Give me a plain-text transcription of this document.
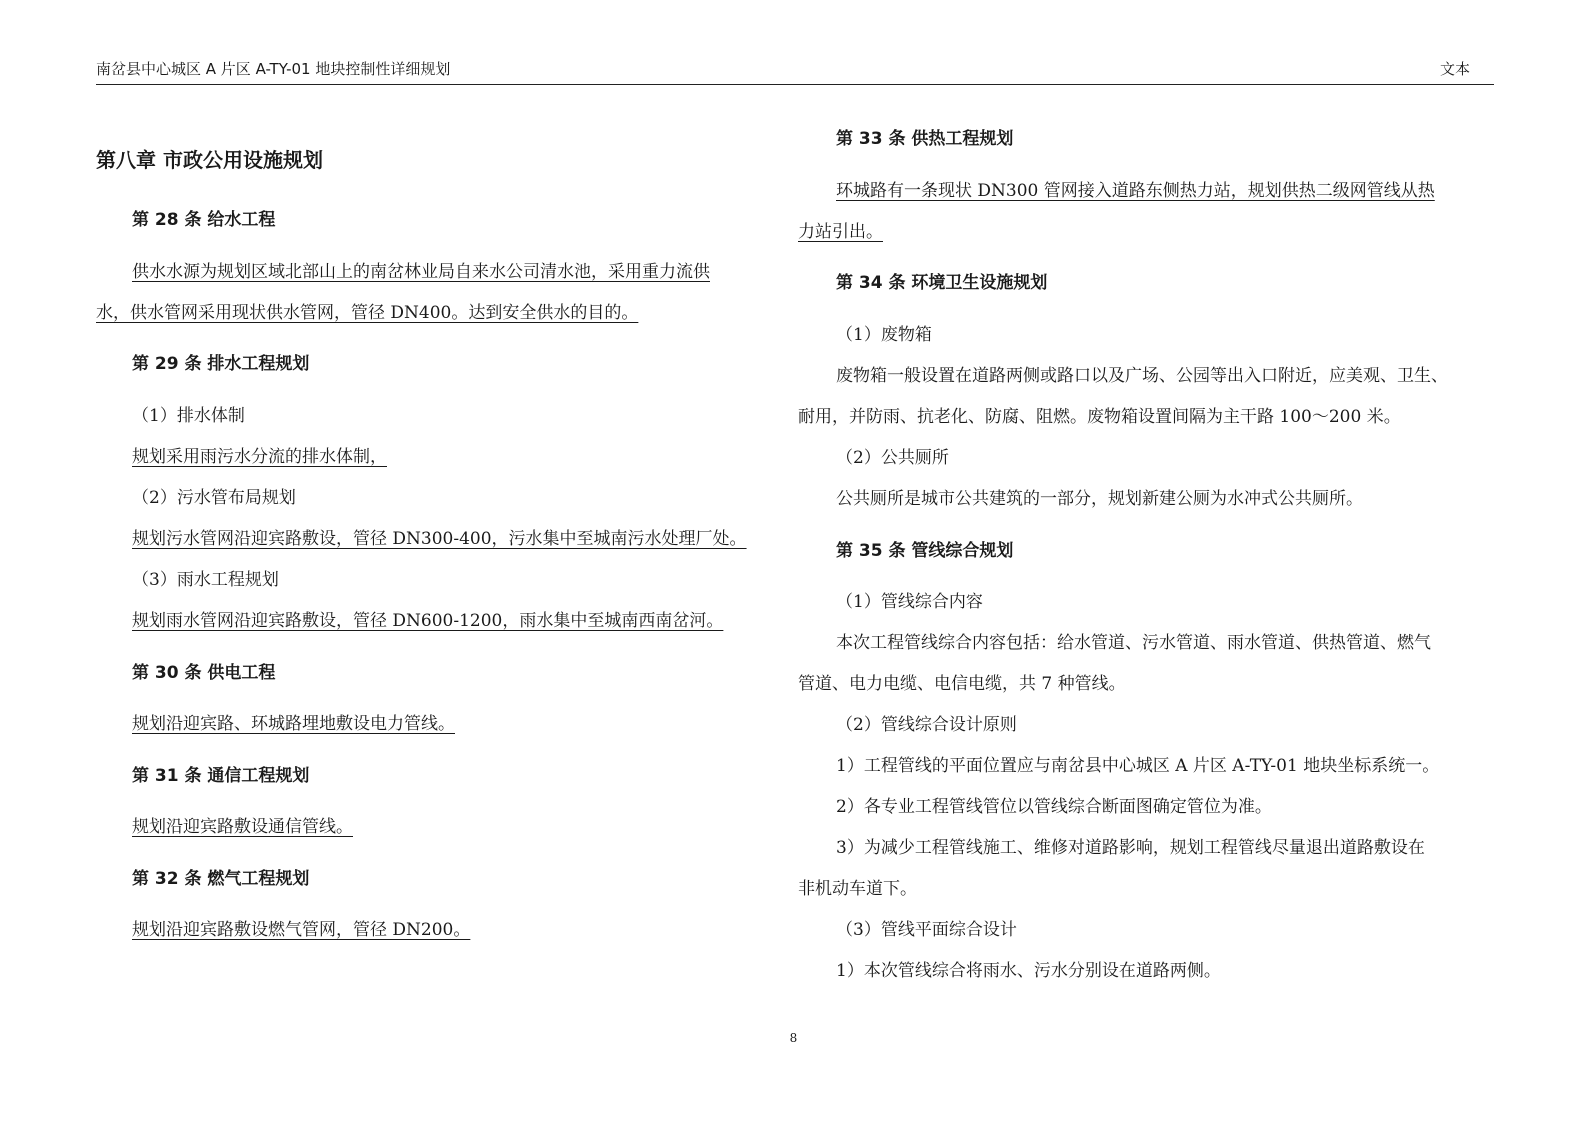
南岔县中心城区 A 片区 A-TY-01 地块控制性详细规划	文本
第八章 市政公用设施规划
第 28 条 给水工程
供水水源为规划区域北部山上的南岔林业局自来水公司清水池，采用重力流供
水，供水管网采用现状供水管网，管径 DN400。达到安全供水的目的。
第 29 条 排水工程规划
（1）排水体制
规划采用雨污水分流的排水体制，
（2）污水管布局规划
规划污水管网沿迎宾路敷设，管径 DN300-400，污水集中至城南污水处理厂处。
（3）雨水工程规划
规划雨水管网沿迎宾路敷设，管径 DN600-1200，雨水集中至城南西南岔河。
第 30 条 供电工程
规划沿迎宾路、环城路埋地敷设电力管线。
第 31 条 通信工程规划
规划沿迎宾路敷设通信管线。
第 32 条 燃气工程规划
规划沿迎宾路敷设燃气管网，管径 DN200。
第 33 条 供热工程规划
环城路有一条现状 DN300 管网接入道路东侧热力站，规划供热二级网管线从热
力站引出。
第 34 条 环境卫生设施规划
（1）废物箱
废物箱一般设置在道路两侧或路口以及广场、公园等出入口附近，应美观、卫生、
耐用，并防雨、抗老化、防腐、阻燃。废物箱设置间隔为主干路 100～200 米。
（2）公共厕所
公共厕所是城市公共建筑的一部分，规划新建公厕为水冲式公共厕所。
第 35 条 管线综合规划
（1）管线综合内容
本次工程管线综合内容包括：给水管道、污水管道、雨水管道、供热管道、燃气
管道、电力电缆、电信电缆，共 7 种管线。
（2）管线综合设计原则
1）工程管线的平面位置应与南岔县中心城区 A 片区 A-TY-01 地块坐标系统一。
2）各专业工程管线管位以管线综合断面图确定管位为准。
3）为减少工程管线施工、维修对道路影响，规划工程管线尽量退出道路敷设在
非机动车道下。
（3）管线平面综合设计
1）本次管线综合将雨水、污水分别设在道路两侧。
8
